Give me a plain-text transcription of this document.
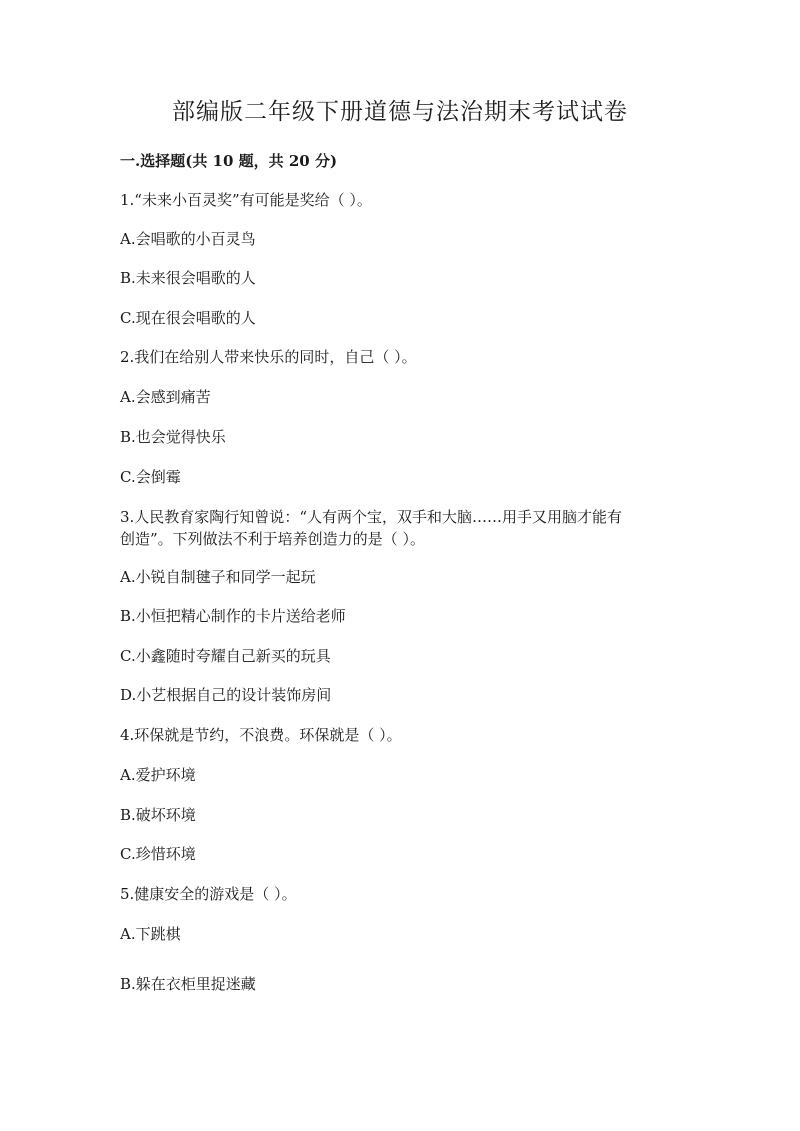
部编版二年级下册道德与法治期末考试试卷
一.选择题(共 10 题，共 20 分)
1.“未来小百灵奖”有可能是奖给（ ）。
A.会唱歌的小百灵鸟
B.未来很会唱歌的人
C.现在很会唱歌的人
2.我们在给别人带来快乐的同时，自己（ ）。
A.会感到痛苦
B.也会觉得快乐
C.会倒霉
3.人民教育家陶行知曾说：“人有两个宝，双手和大脑……用手又用脑才能有
创造”。下列做法不利于培养创造力的是（ ）。
A.小锐自制毽子和同学一起玩
B.小恒把精心制作的卡片送给老师
C.小鑫随时夸耀自己新买的玩具
D.小艺根据自己的设计装饰房间
4.环保就是节约，不浪费。环保就是（ ）。
A.爱护环境
B.破坏环境
C.珍惜环境
5.健康安全的游戏是（ ）。
A.下跳棋
B.躲在衣柜里捉迷藏
